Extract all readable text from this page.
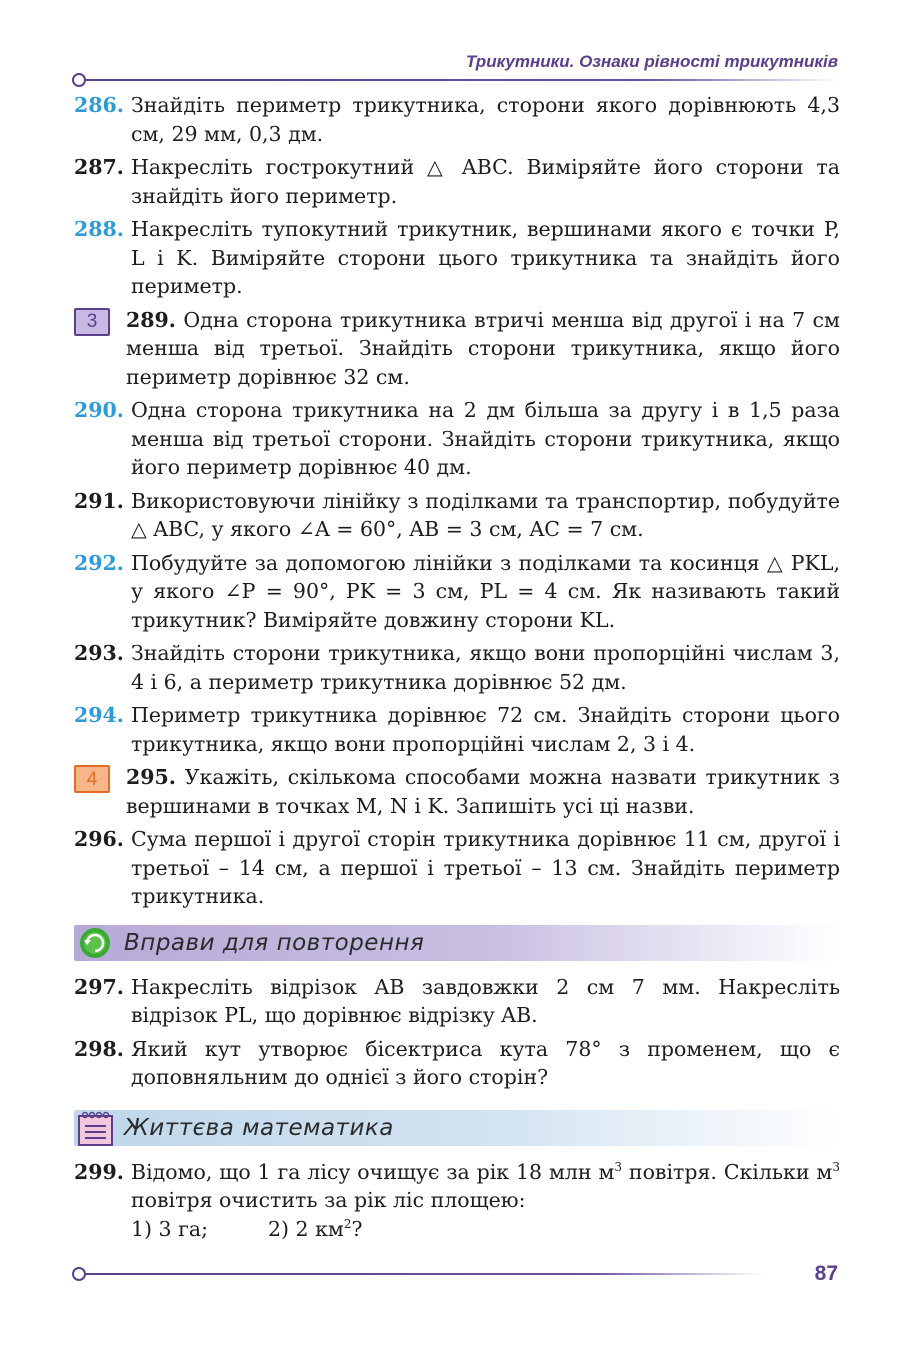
Трикутники. Ознаки рівності трикутників
286. Знайдіть периметр трикутника, сторони якого дорівнюють 4,3 см, 29 мм, 0,3 дм.
287. Накресліть гострокутний △ ABC. Виміряйте його сторони та знайдіть його периметр.
288. Накресліть тупокутний трикутник, вершинами якого є точки P, L і K. Виміряйте сторони цього трикутника та знайдіть його периметр.
3	289. Одна сторона трикутника втричі менша від другої і на 7 см менша від третьої. Знайдіть сторони трикутника, якщо його периметр дорівнює 32 см.
290. Одна сторона трикутника на 2 дм більша за другу і в 1,5 раза менша від третьої сторони. Знайдіть сторони трикутника, якщо його периметр дорівнює 40 дм.
291. Використовуючи лінійку з поділками та транспортир, побудуйте △ ABC, у якого ∠A = 60°, AB = 3 см, AC = 7 см.
292. Побудуйте за допомогою лінійки з поділками та косинця △ PKL, у якого ∠P = 90°, PK = 3 см, PL = 4 см. Як називають такий трикутник? Виміряйте довжину сторони KL.
293. Знайдіть сторони трикутника, якщо вони пропорційні числам 3, 4 і 6, а периметр трикутника дорівнює 52 дм.
294. Периметр трикутника дорівнює 72 см. Знайдіть сторони цього трикутника, якщо вони пропорційні числам 2, 3 і 4.
4	295. Укажіть, скількома способами можна назвати трикутник з вершинами в точках M, N і K. Запишіть усі ці назви.
296. Сума першої і другої сторін трикутника дорівнює 11 см, другої і третьої – 14 см, а першої і третьої – 13 см. Знайдіть периметр трикутника.
Вправи для повторення
297. Накресліть відрізок AB завдовжки 2 см 7 мм. Накресліть відрізок PL, що дорівнює відрізку AB.
298. Який кут утворює бісектриса кута 78° з променем, що є доповняльним до однієї з його сторін?
Життєва математика
299. Відомо, що 1 га лісу очищує за рік 18 млн $м^3$ повітря. Скільки $м^3$ повітря очистить за рік ліс площею:
1) 3 га;	2) 2 $км^2$?
87
